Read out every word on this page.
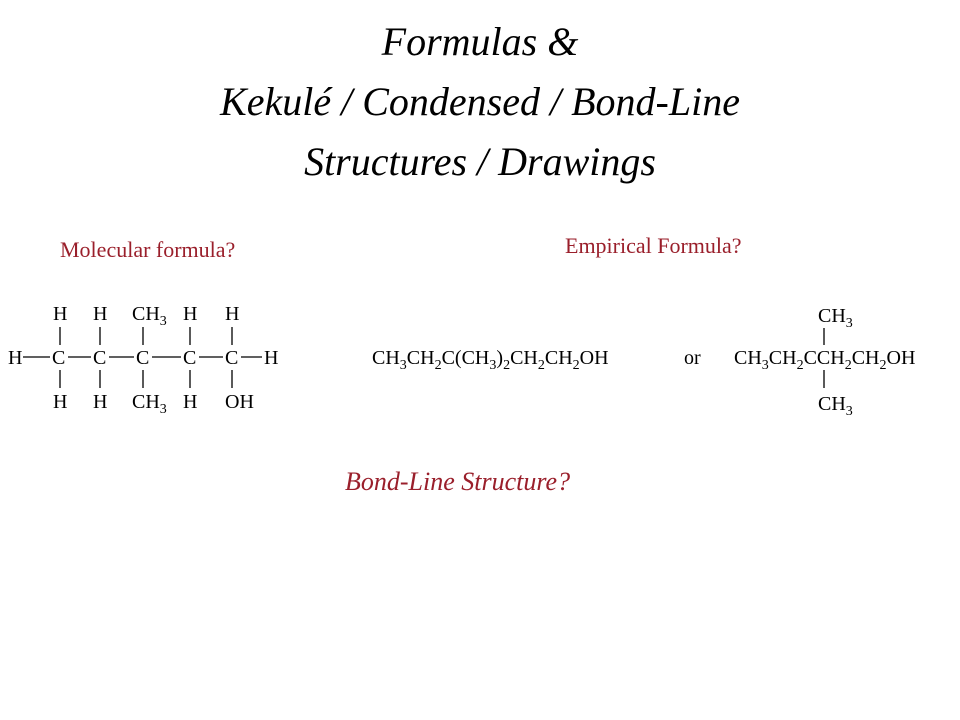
Formulas &
Kekulé / Condensed / Bond-Line
Structures / Drawings
Molecular formula?	Empirical Formula?
H H $CH_3$ H H
H C C C C C H
H H $CH_3$ H OH
$CH_3CH_2C(CH_3)_2CH_2CH_2OH$	or
$CH_3$
$CH_3CH_2CCH_2CH_2OH$
$CH_3$
Bond-Line Structure?
